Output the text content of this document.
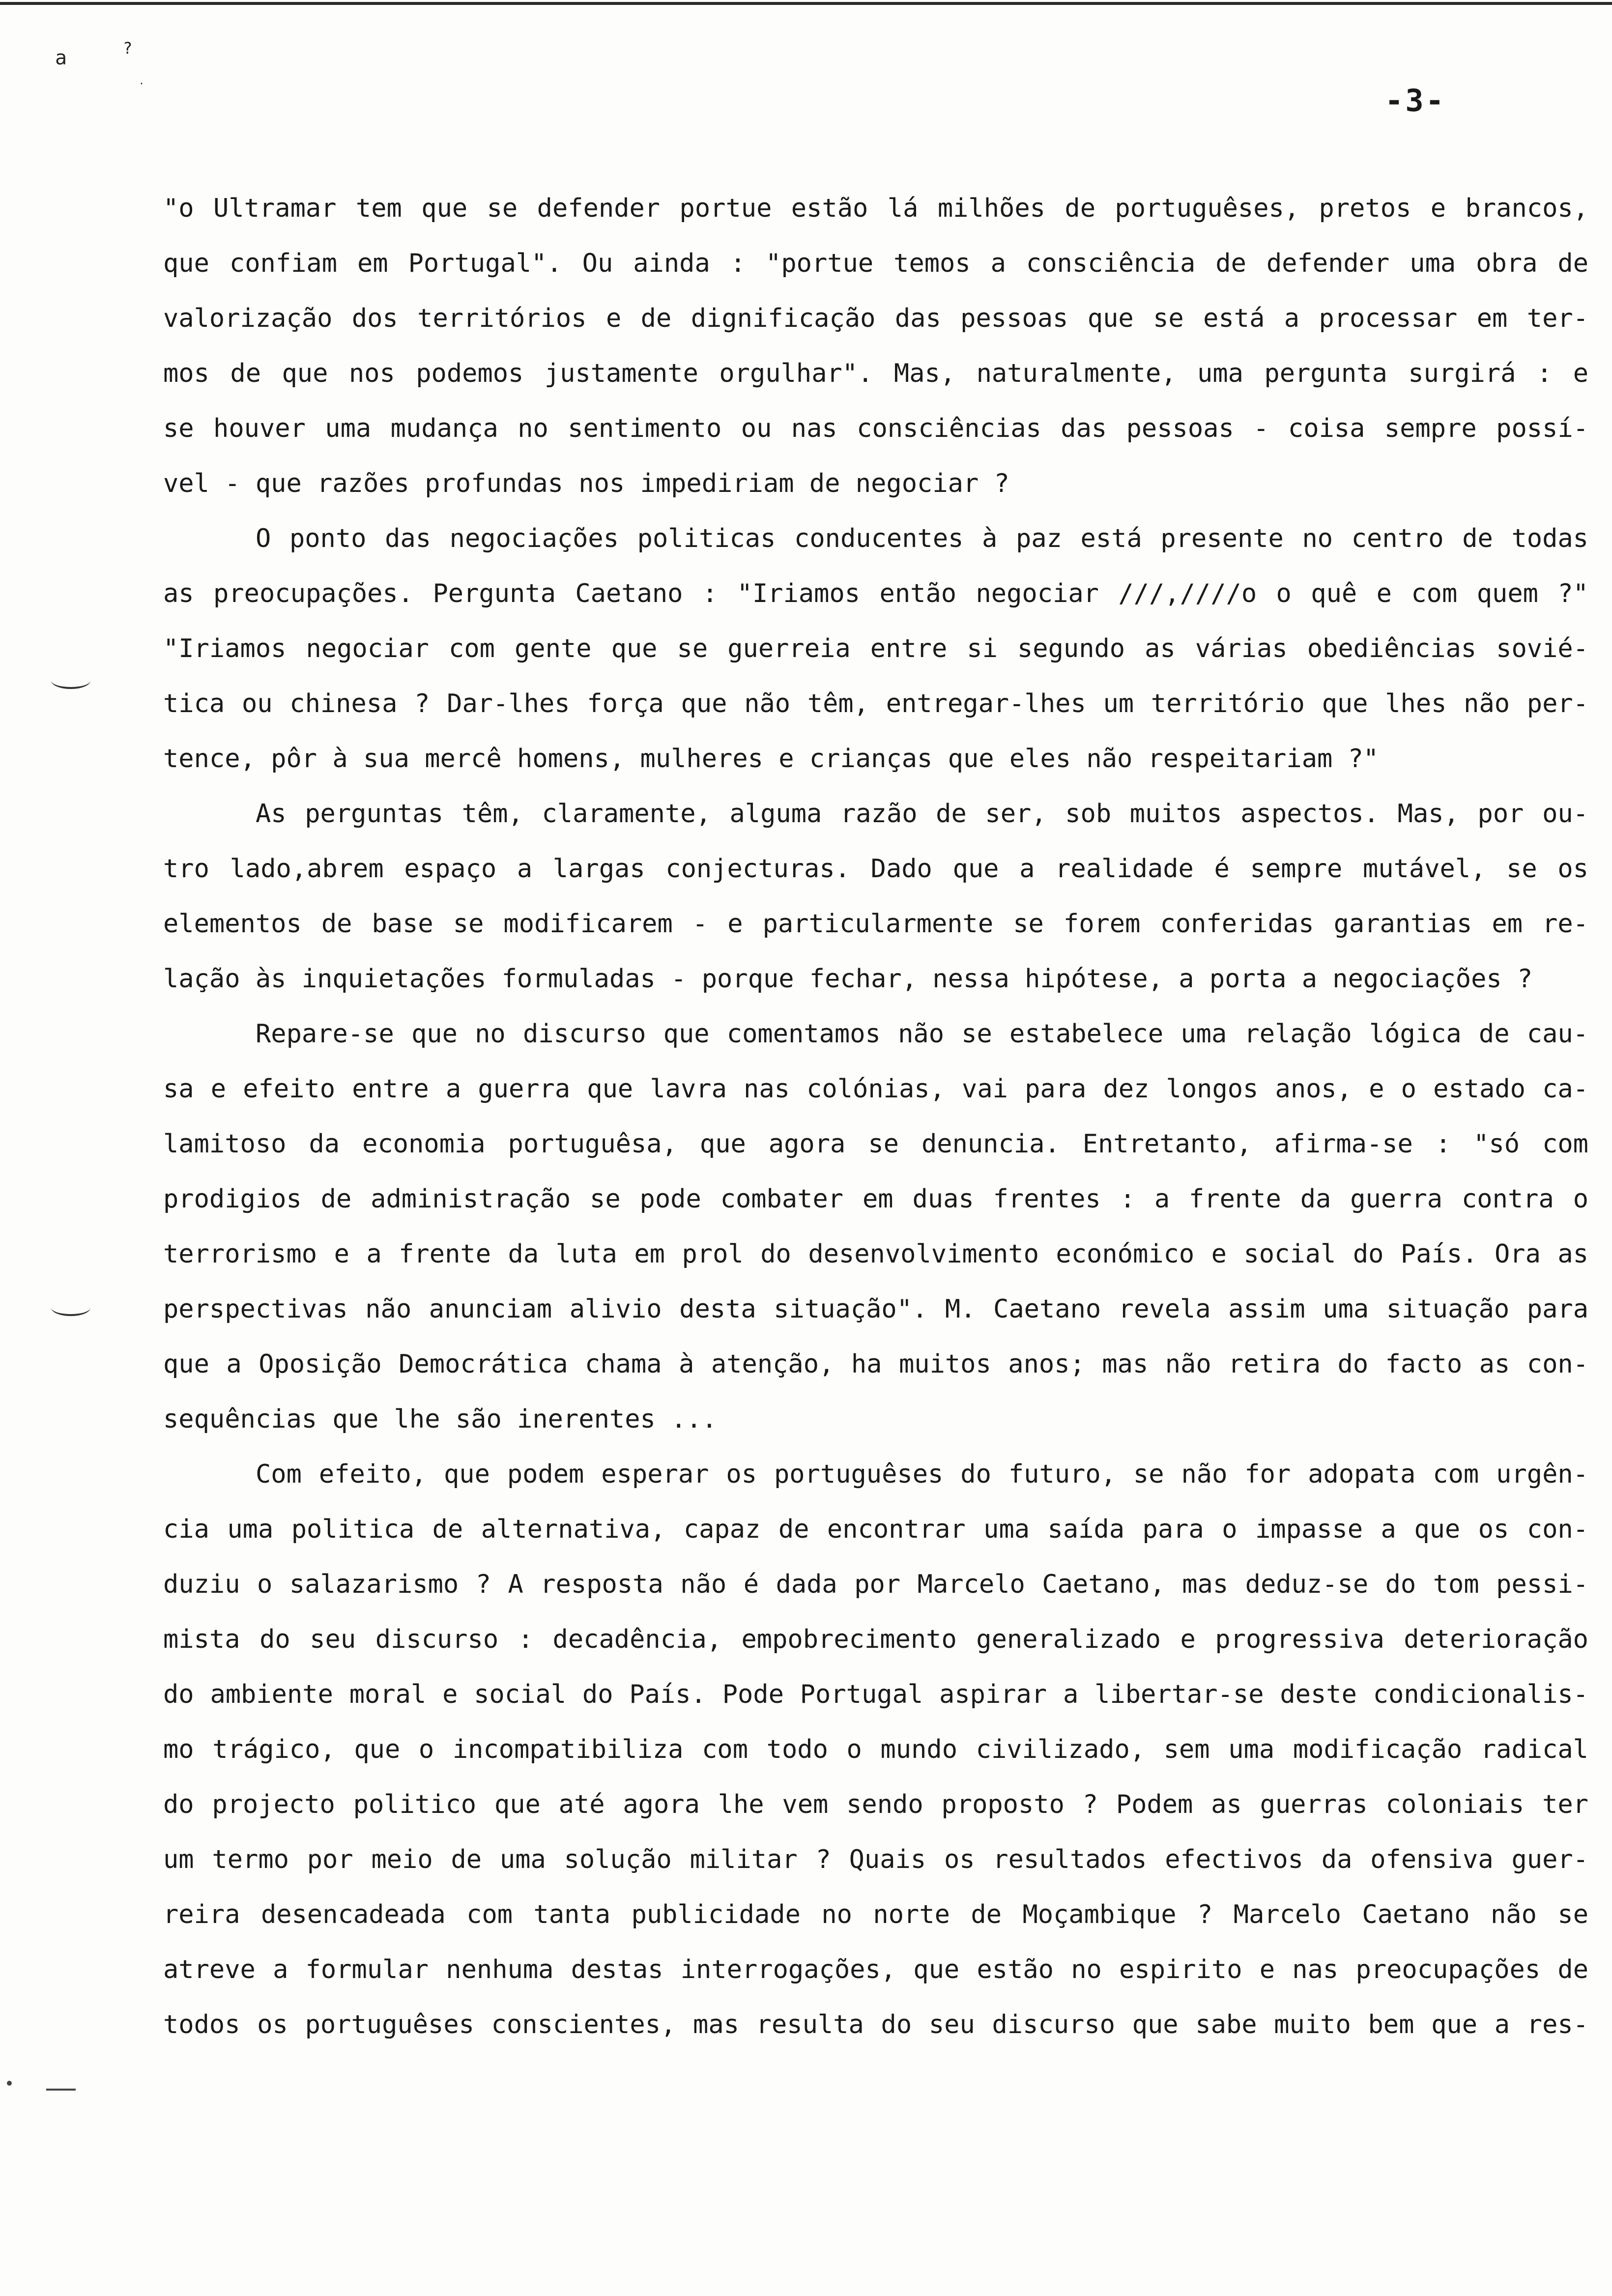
a	?
·	-3-
"o Ultramar tem que se defender portue estão lá milhões de portuguêses, pretos e brancos,
que confiam em Portugal". Ou ainda : "portue temos a consciência de defender uma obra de
valorização dos territórios e de dignificação das pessoas que se está a processar em ter-
mos de que nos podemos justamente orgulhar". Mas, naturalmente, uma pergunta surgirá : e
se houver uma mudança no sentimento ou nas consciências das pessoas - coisa sempre possí-
vel - que razões profundas nos impediriam de negociar ?
O ponto das negociações politicas conducentes à paz está presente no centro de todas
as preocupações. Pergunta Caetano : "Iriamos então negociar ///,////o o quê e com quem ?"
"Iriamos negociar com gente que se guerreia entre si segundo as várias obediências sovié-
tica ou chinesa ? Dar-lhes força que não têm, entregar-lhes um território que lhes não per-
tence, pôr à sua mercê homens, mulheres e crianças que eles não respeitariam ?"
As perguntas têm, claramente, alguma razão de ser, sob muitos aspectos. Mas, por ou-
tro lado,abrem espaço a largas conjecturas. Dado que a realidade é sempre mutável, se os
elementos de base se modificarem - e particularmente se forem conferidas garantias em re-
lação às inquietações formuladas - porque fechar, nessa hipótese, a porta a negociações ?
Repare-se que no discurso que comentamos não se estabelece uma relação lógica de cau-
sa e efeito entre a guerra que lavra nas colónias, vai para dez longos anos, e o estado ca-
lamitoso da economia portuguêsa, que agora se denuncia. Entretanto, afirma-se : "só com
prodigios de administração se pode combater em duas frentes : a frente da guerra contra o
terrorismo e a frente da luta em prol do desenvolvimento económico e social do País. Ora as
perspectivas não anunciam alivio desta situação". M. Caetano revela assim uma situação para
que a Oposição Democrática chama à atenção, ha muitos anos; mas não retira do facto as con-
sequências que lhe são inerentes ...
Com efeito, que podem esperar os portuguêses do futuro, se não for adopata com urgên-
cia uma politica de alternativa, capaz de encontrar uma saída para o impasse a que os con-
duziu o salazarismo ? A resposta não é dada por Marcelo Caetano, mas deduz-se do tom pessi-
mista do seu discurso : decadência, empobrecimento generalizado e progressiva deterioração
do ambiente moral e social do País. Pode Portugal aspirar a libertar-se deste condicionalis-
mo trágico, que o incompatibiliza com todo o mundo civilizado, sem uma modificação radical
do projecto politico que até agora lhe vem sendo proposto ? Podem as guerras coloniais ter
um termo por meio de uma solução militar ? Quais os resultados efectivos da ofensiva guer-
reira desencadeada com tanta publicidade no norte de Moçambique ? Marcelo Caetano não se
atreve a formular nenhuma destas interrogações, que estão no espirito e nas preocupações de
todos os portuguêses conscientes, mas resulta do seu discurso que sabe muito bem que a res-
